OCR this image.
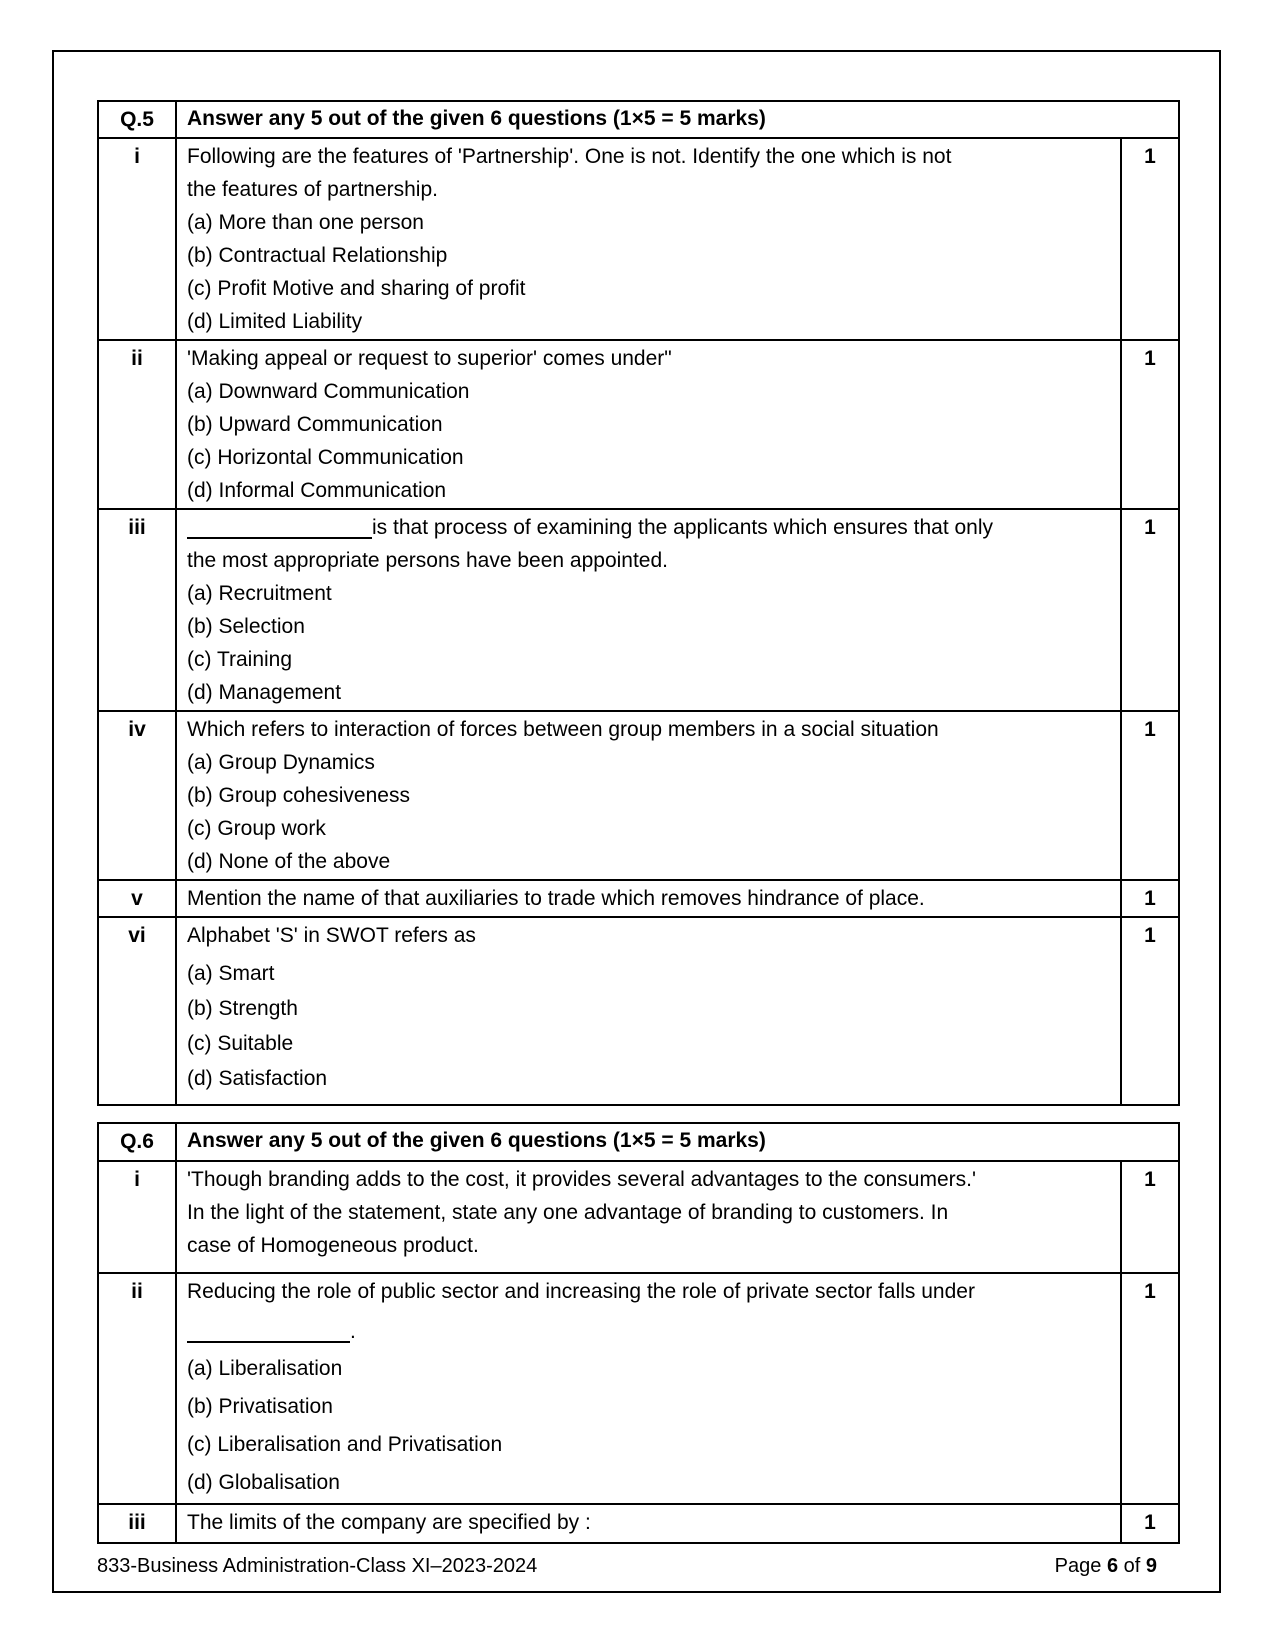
Q.5	Answer any 5 out of the given 6 questions (1×5 = 5 marks)	
i	Following are the features of 'Partnership'. One is not. Identify the one which is not
the features of partnership.
(a) More than one person
(b) Contractual Relationship
(c) Profit Motive and sharing of profit
(d) Limited Liability
	1
ii	'Making appeal or request to superior' comes under"
(a) Downward Communication
(b) Upward Communication
(c) Horizontal Communication
(d) Informal Communication	1
iii	is that process of examining the applicants which ensures that only
the most appropriate persons have been appointed.
(a) Recruitment
(b) Selection
(c) Training
(d) Management
	1
iv	Which refers to interaction of forces between group members in a social situation
(a) Group Dynamics
(b) Group cohesiveness
(c) Group work
(d) None of the above	1
v	Mention the name of that auxiliaries to trade which removes hindrance of place.	1
vi	Alphabet 'S' in SWOT refers as
(a) Smart
(b) Strength
(c) Suitable
(d) Satisfaction	1
Q.6	Answer any 5 out of the given 6 questions (1×5 = 5 marks)	
i	'Though branding adds to the cost, it provides several advantages to the consumers.'
In the light of the statement, state any one advantage of branding to customers. In
case of Homogeneous product.	1
ii	Reducing the role of public sector and increasing the role of private sector falls under
.
(a) Liberalisation
(b) Privatisation
(c) Liberalisation and Privatisation
(d) Globalisation
	1
iii	The limits of the company are specified by :	1
833-Business Administration-Class XI–2023-2024	Page 6 of 9
